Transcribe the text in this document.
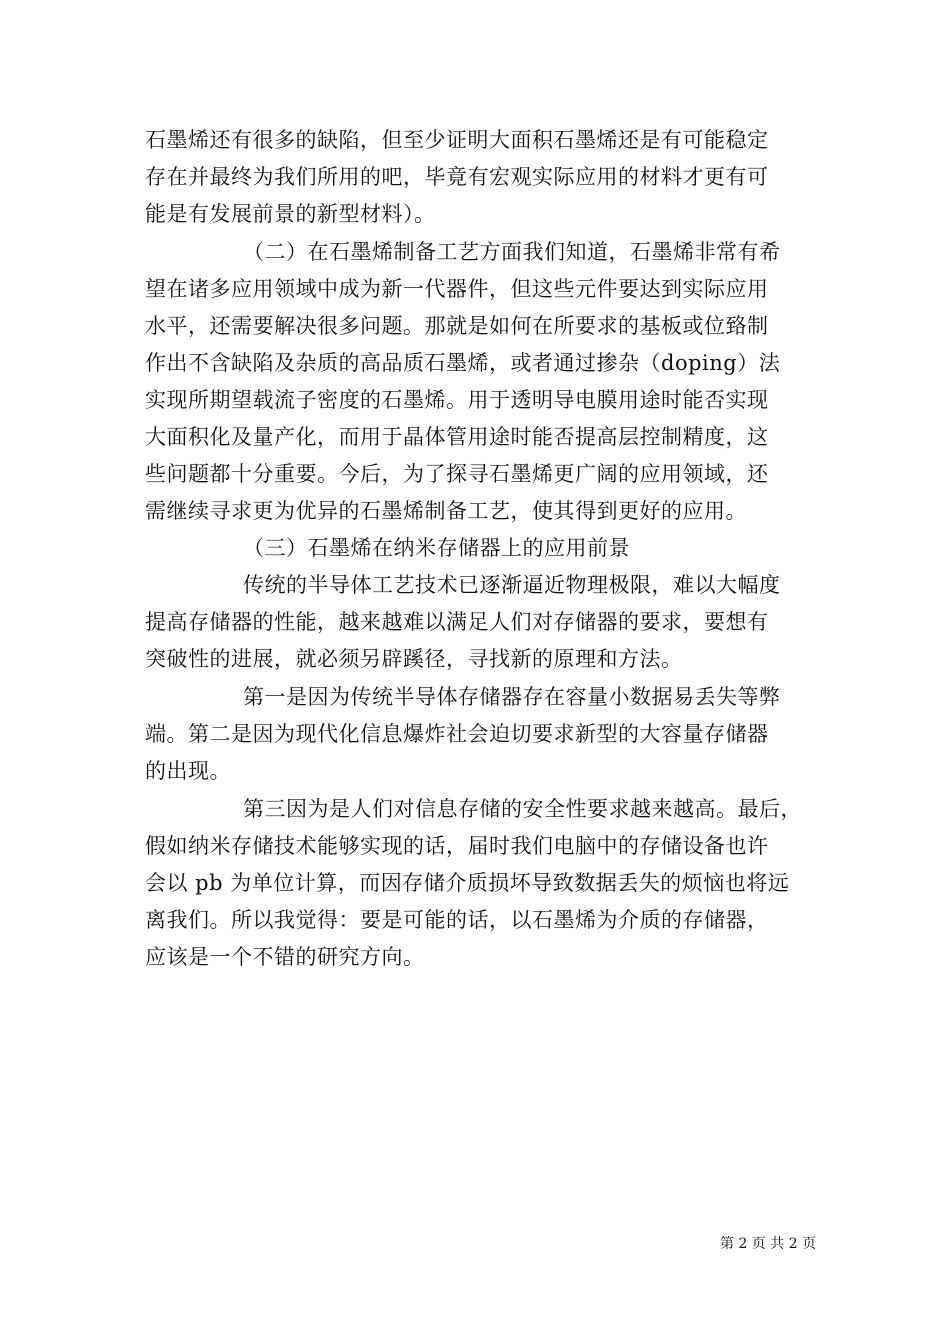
石墨烯还有很多的缺陷，但至少证明大面积石墨烯还是有可能稳定
存在并最终为我们所用的吧，毕竟有宏观实际应用的材料才更有可
能是有发展前景的新型材料）。
（二）在石墨烯制备工艺方面我们知道，石墨烯非常有希
望在诸多应用领域中成为新一代器件，但这些元件要达到实际应用
水平，还需要解决很多问题。那就是如何在所要求的基板或位臵制
作出不含缺陷及杂质的高品质石墨烯，或者通过掺杂（doping）法
实现所期望载流子密度的石墨烯。用于透明导电膜用途时能否实现
大面积化及量产化，而用于晶体管用途时能否提高层控制精度，这
些问题都十分重要。今后，为了探寻石墨烯更广阔的应用领域，还
需继续寻求更为优异的石墨烯制备工艺，使其得到更好的应用。
（三）石墨烯在纳米存储器上的应用前景
传统的半导体工艺技术已逐渐逼近物理极限，难以大幅度
提高存储器的性能，越来越难以满足人们对存储器的要求，要想有
突破性的进展，就必须另辟蹊径，寻找新的原理和方法。
第一是因为传统半导体存储器存在容量小数据易丢失等弊
端。第二是因为现代化信息爆炸社会迫切要求新型的大容量存储器
的出现。
第三因为是人们对信息存储的安全性要求越来越高。最后，
假如纳米存储技术能够实现的话，届时我们电脑中的存储设备也许
会以 pb 为单位计算，而因存储介质损坏导致数据丢失的烦恼也将远
离我们。所以我觉得：要是可能的话，以石墨烯为介质的存储器，
应该是一个不错的研究方向。
第 2 页 共 2 页
